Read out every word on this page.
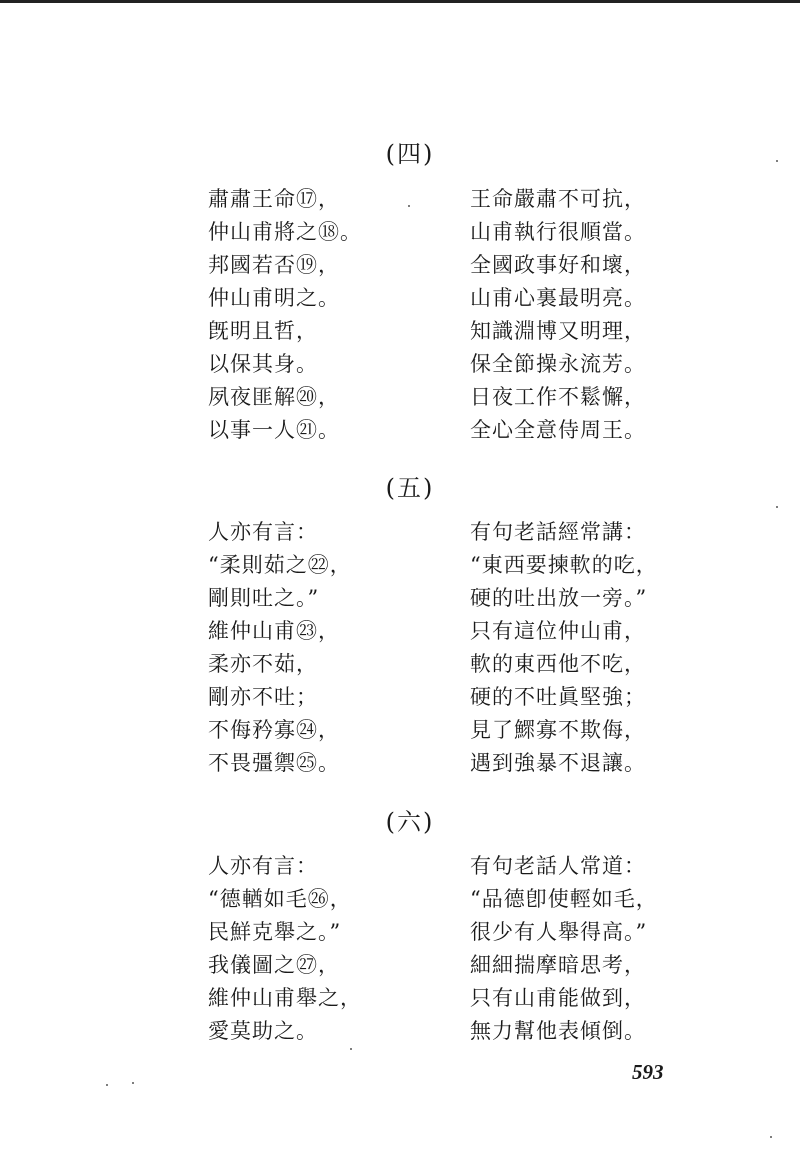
(四)
肅肅王命⑰，	王命嚴肅不可抗，
仲山甫將之⑱。	山甫執行很順當。
邦國若否⑲，	全國政事好和壞，
仲山甫明之。	山甫心裏最明亮。
旣明且哲，	知識淵博又明理，
以保其身。	保全節操永流芳。
夙夜匪解⑳，	日夜工作不鬆懈，
以事一人㉑。	全心全意侍周王。
(五)
人亦有言：	有句老話經常講：
“柔則茹之㉒，	“東西要揀軟的吃，
剛則吐之。”	硬的吐出放一旁。”
維仲山甫㉓，	只有這位仲山甫，
柔亦不茹，	軟的東西他不吃，
剛亦不吐；	硬的不吐眞堅強；
不侮矜寡㉔，	見了鰥寡不欺侮，
不畏彊禦㉕。	遇到強暴不退讓。
(六)
人亦有言：	有句老話人常道：
“德輶如毛㉖，	“品德卽使輕如毛，
民鮮克舉之。”	很少有人舉得高。”
我儀圖之㉗，	細細揣摩暗思考，
維仲山甫舉之，	只有山甫能做到，
愛莫助之。	無力幫他表傾倒。
593
